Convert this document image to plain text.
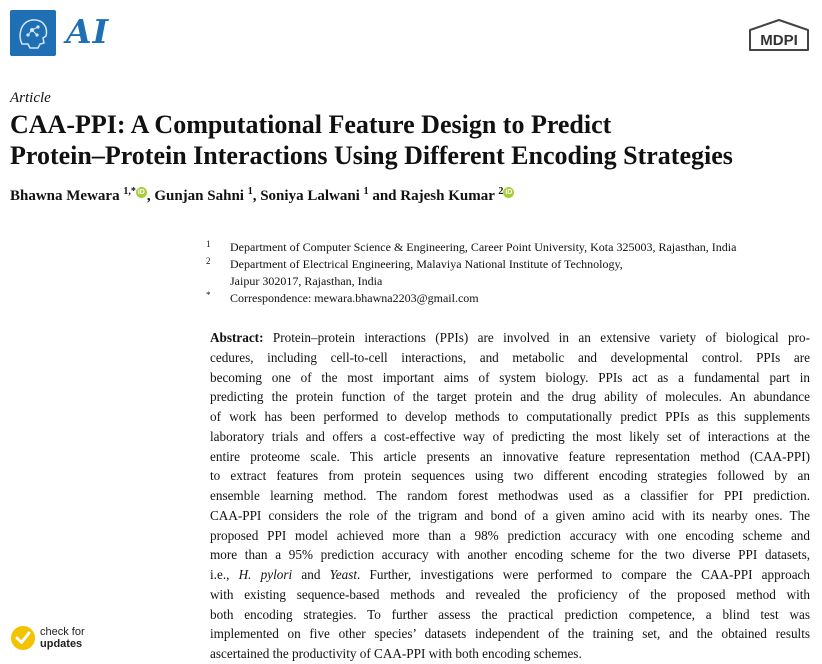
AI	MDPI
Article
CAA-PPI: A Computational Feature Design to Predict
Protein–Protein Interactions Using Different Encoding Strategies
Bhawna Mewara $^{1,*}$ iD , Gunjan Sahni $^1$, Soniya Lalwani $^1$ and Rajesh Kumar $^2$ iD
1	Department of Computer Science & Engineering, Career Point University, Kota 325003, Rajasthan, India
2	Department of Electrical Engineering, Malaviya National Institute of Technology,
Jaipur 302017, Rajasthan, India
*	Correspondence: mewara.bhawna2203@gmail.com
Abstract: Protein–protein interactions (PPIs) are involved in an extensive variety of biological pro-
cedures, including cell-to-cell interactions, and metabolic and developmental control. PPIs are
becoming one of the most important aims of system biology. PPIs act as a fundamental part in
predicting the protein function of the target protein and the drug ability of molecules. An abundance
of work has been performed to develop methods to computationally predict PPIs as this supplements
laboratory trials and offers a cost-effective way of predicting the most likely set of interactions at the
entire proteome scale. This article presents an innovative feature representation method (CAA-PPI)
to extract features from protein sequences using two different encoding strategies followed by an
ensemble learning method. The random forest methodwas used as a classifier for PPI prediction.
CAA-PPI considers the role of the trigram and bond of a given amino acid with its nearby ones. The
proposed PPI model achieved more than a 98% prediction accuracy with one encoding scheme and
more than a 95% prediction accuracy with another encoding scheme for the two diverse PPI datasets,
i.e., H. pylori and Yeast. Further, investigations were performed to compare the CAA-PPI approach
with existing sequence-based methods and revealed the proficiency of the proposed method with
both encoding strategies. To further assess the practical prediction competence, a blind test was
implemented on five other species’ datasets independent of the training set, and the obtained results
ascertained the productivity of CAA-PPI with both encoding schemes.
check for
updates
